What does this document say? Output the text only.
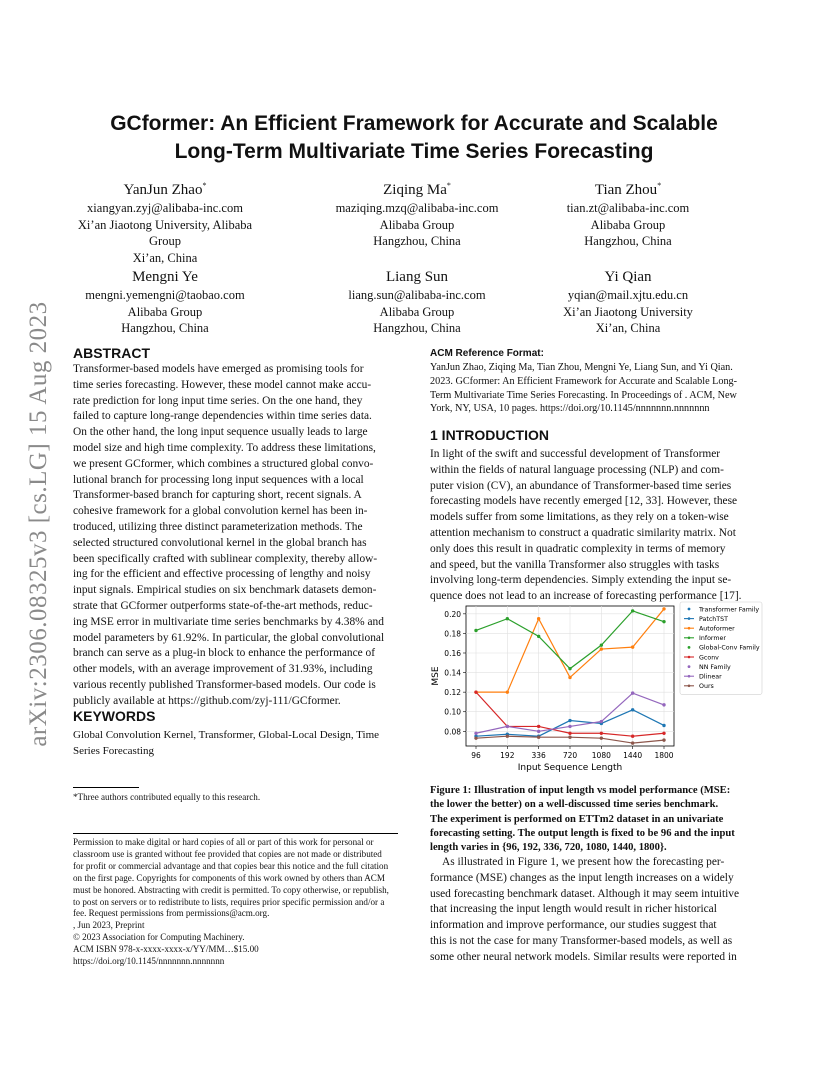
arXiv:2306.08325v3 [cs.LG] 15 Aug 2023
GCformer: An Efficient Framework for Accurate and Scalable
Long-Term Multivariate Time Series Forecasting
YanJun Zhao*
xiangyan.zyj@alibaba-inc.com
Xi’an Jiaotong University, Alibaba
Group
Xi’an, China
Ziqing Ma*
maziqing.mzq@alibaba-inc.com
Alibaba Group
Hangzhou, China
Tian Zhou*
tian.zt@alibaba-inc.com
Alibaba Group
Hangzhou, China
Mengni Ye
mengni.yemengni@taobao.com
Alibaba Group
Hangzhou, China
Liang Sun
liang.sun@alibaba-inc.com
Alibaba Group
Hangzhou, China
Yi Qian
yqian@mail.xjtu.edu.cn
Xi’an Jiaotong University
Xi’an, China
ABSTRACT
Transformer-based models have emerged as promising tools for
time series forecasting. However, these model cannot make accu-
rate prediction for long input time series. On the one hand, they
failed to capture long-range dependencies within time series data.
On the other hand, the long input sequence usually leads to large
model size and high time complexity. To address these limitations,
we present GCformer, which combines a structured global convo-
lutional branch for processing long input sequences with a local
Transformer-based branch for capturing short, recent signals. A
cohesive framework for a global convolution kernel has been in-
troduced, utilizing three distinct parameterization methods. The
selected structured convolutional kernel in the global branch has
been specifically crafted with sublinear complexity, thereby allow-
ing for the efficient and effective processing of lengthy and noisy
input signals. Empirical studies on six benchmark datasets demon-
strate that GCformer outperforms state-of-the-art methods, reduc-
ing MSE error in multivariate time series benchmarks by 4.38% and
model parameters by 61.92%. In particular, the global convolutional
branch can serve as a plug-in block to enhance the performance of
other models, with an average improvement of 31.93%, including
various recently published Transformer-based models. Our code is
publicly available at https://github.com/zyj-111/GCformer.
KEYWORDS
Global Convolution Kernel, Transformer, Global-Local Design, Time
Series Forecasting
*Three authors contributed equally to this research.
Permission to make digital or hard copies of all or part of this work for personal or
classroom use is granted without fee provided that copies are not made or distributed
for profit or commercial advantage and that copies bear this notice and the full citation
on the first page. Copyrights for components of this work owned by others than ACM
must be honored. Abstracting with credit is permitted. To copy otherwise, or republish,
to post on servers or to redistribute to lists, requires prior specific permission and/or a
fee. Request permissions from permissions@acm.org.
, Jun 2023, Preprint
© 2023 Association for Computing Machinery.
ACM ISBN 978-x-xxxx-xxxx-x/YY/MM…$15.00
https://doi.org/10.1145/nnnnnnn.nnnnnnn
ACM Reference Format:
YanJun Zhao, Ziqing Ma, Tian Zhou, Mengni Ye, Liang Sun, and Yi Qian.
2023. GCformer: An Efficient Framework for Accurate and Scalable Long-
Term Multivariate Time Series Forecasting. In Proceedings of . ACM, New
York, NY, USA, 10 pages. https://doi.org/10.1145/nnnnnnn.nnnnnnn
1 INTRODUCTION
In light of the swift and successful development of Transformer
within the fields of natural language processing (NLP) and com-
puter vision (CV), an abundance of Transformer-based time series
forecasting models have recently emerged [12, 33]. However, these
models suffer from some limitations, as they rely on a token-wise
attention mechanism to construct a quadratic similarity matrix. Not
only does this result in quadratic complexity in terms of memory
and speed, but the vanilla Transformer also struggles with tasks
involving long-term dependencies. Simply extending the input se-
quence does not lead to an increase of forecasting performance [17].
0.08
0.10
0.12
0.14
0.16
0.18
0.20
96	192 336 720 1080 1440 1800
Input Sequence Length
MSE
Transformer Family
PatchTST
Autoformer
Informer
Global-Conv Family
Gconv
NN Family
Dlinear
Ours
Figure 1: Illustration of input length vs model performance (MSE:
the lower the better) on a well-discussed time series benchmark.
The experiment is performed on ETTm2 dataset in an univariate
forecasting setting. The output length is fixed to be 96 and the input
length varies in {96, 192, 336, 720, 1080, 1440, 1800}.
As illustrated in Figure 1, we present how the forecasting per-
formance (MSE) changes as the input length increases on a widely
used forecasting benchmark dataset. Although it may seem intuitive
that increasing the input length would result in richer historical
information and improve performance, our studies suggest that
this is not the case for many Transformer-based models, as well as
some other neural network models. Similar results were reported in
